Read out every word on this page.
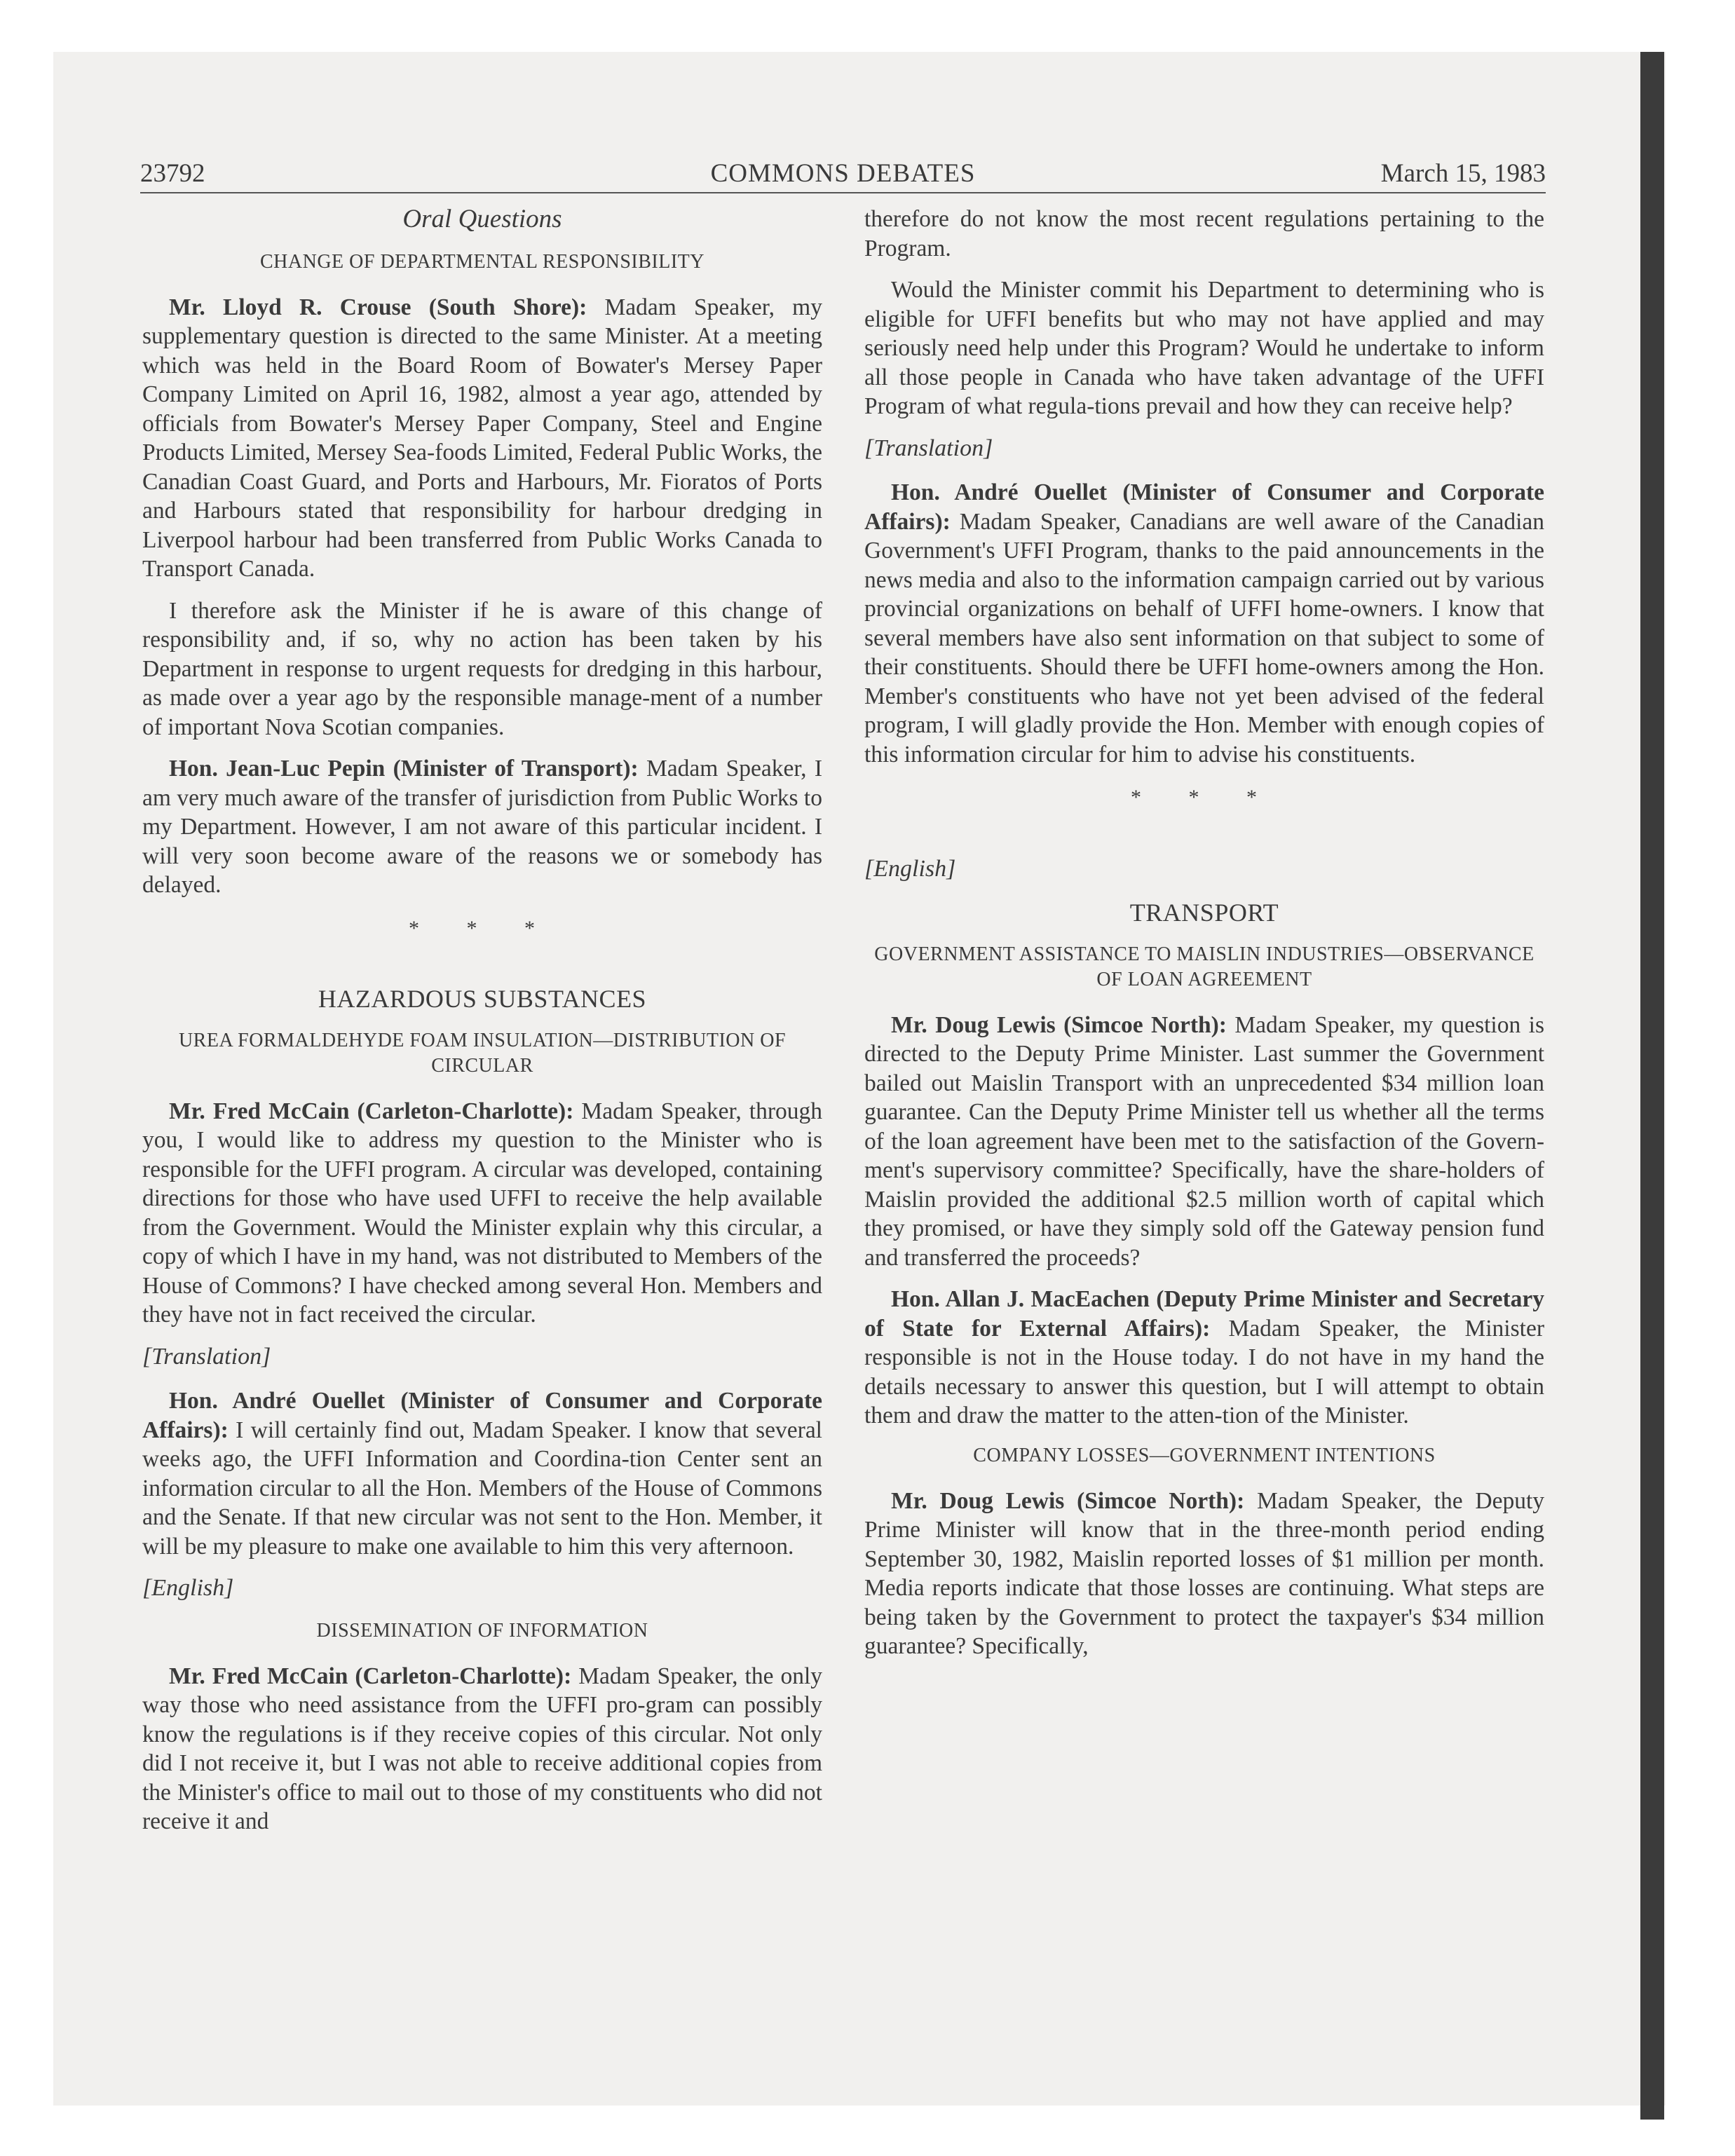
23792	COMMONS DEBATES	March 15, 1983
Oral Questions
CHANGE OF DEPARTMENTAL RESPONSIBILITY

Mr. Lloyd R. Crouse (South Shore): Madam Speaker, my supplementary question is directed to the same Minister. At a meeting which was held in the Board Room of Bowater's Mersey Paper Company Limited on April 16, 1982, almost a year ago, attended by officials from Bowater's Mersey Paper Company, Steel and Engine Products Limited, Mersey Sea-foods Limited, Federal Public Works, the Canadian Coast Guard, and Ports and Harbours, Mr. Fioratos of Ports and Harbours stated that responsibility for harbour dredging in Liverpool harbour had been transferred from Public Works Canada to Transport Canada.

I therefore ask the Minister if he is aware of this change of responsibility and, if so, why no action has been taken by his Department in response to urgent requests for dredging in this harbour, as made over a year ago by the responsible manage-ment of a number of important Nova Scotian companies.

Hon. Jean-Luc Pepin (Minister of Transport): Madam Speaker, I am very much aware of the transfer of jurisdiction from Public Works to my Department. However, I am not aware of this particular incident. I will very soon become aware of the reasons we or somebody has delayed.

* * *
HAZARDOUS SUBSTANCES
UREA FORMALDEHYDE FOAM INSULATION—DISTRIBUTION OF CIRCULAR

Mr. Fred McCain (Carleton-Charlotte): Madam Speaker, through you, I would like to address my question to the Minister who is responsible for the UFFI program. A circular was developed, containing directions for those who have used UFFI to receive the help available from the Government. Would the Minister explain why this circular, a copy of which I have in my hand, was not distributed to Members of the House of Commons? I have checked among several Hon. Members and they have not in fact received the circular.

[Translation]

Hon. André Ouellet (Minister of Consumer and Corporate Affairs): I will certainly find out, Madam Speaker. I know that several weeks ago, the UFFI Information and Coordina-tion Center sent an information circular to all the Hon. Members of the House of Commons and the Senate. If that new circular was not sent to the Hon. Member, it will be my pleasure to make one available to him this very afternoon.

[English]
DISSEMINATION OF INFORMATION

Mr. Fred McCain (Carleton-Charlotte): Madam Speaker, the only way those who need assistance from the UFFI pro-gram can possibly know the regulations is if they receive copies of this circular. Not only did I not receive it, but I was not able to receive additional copies from the Minister's office to mail out to those of my constituents who did not receive it and

therefore do not know the most recent regulations pertaining to the Program.

Would the Minister commit his Department to determining who is eligible for UFFI benefits but who may not have applied and may seriously need help under this Program? Would he undertake to inform all those people in Canada who have taken advantage of the UFFI Program of what regula-tions prevail and how they can receive help?

[Translation]

Hon. André Ouellet (Minister of Consumer and Corporate Affairs): Madam Speaker, Canadians are well aware of the Canadian Government's UFFI Program, thanks to the paid announcements in the news media and also to the information campaign carried out by various provincial organizations on behalf of UFFI home-owners. I know that several members have also sent information on that subject to some of their constituents. Should there be UFFI home-owners among the Hon. Member's constituents who have not yet been advised of the federal program, I will gladly provide the Hon. Member with enough copies of this information circular for him to advise his constituents.

* * *
[English]
TRANSPORT
GOVERNMENT ASSISTANCE TO MAISLIN INDUSTRIES—OBSERVANCE OF LOAN AGREEMENT

Mr. Doug Lewis (Simcoe North): Madam Speaker, my question is directed to the Deputy Prime Minister. Last summer the Government bailed out Maislin Transport with an unprecedented $34 million loan guarantee. Can the Deputy Prime Minister tell us whether all the terms of the loan agreement have been met to the satisfaction of the Govern-ment's supervisory committee? Specifically, have the share-holders of Maislin provided the additional $2.5 million worth of capital which they promised, or have they simply sold off the Gateway pension fund and transferred the proceeds?

Hon. Allan J. MacEachen (Deputy Prime Minister and Secretary of State for External Affairs): Madam Speaker, the Minister responsible is not in the House today. I do not have in my hand the details necessary to answer this question, but I will attempt to obtain them and draw the matter to the atten-tion of the Minister.

COMPANY LOSSES—GOVERNMENT INTENTIONS

Mr. Doug Lewis (Simcoe North): Madam Speaker, the Deputy Prime Minister will know that in the three-month period ending September 30, 1982, Maislin reported losses of $1 million per month. Media reports indicate that those losses are continuing. What steps are being taken by the Government to protect the taxpayer's $34 million guarantee? Specifically,
